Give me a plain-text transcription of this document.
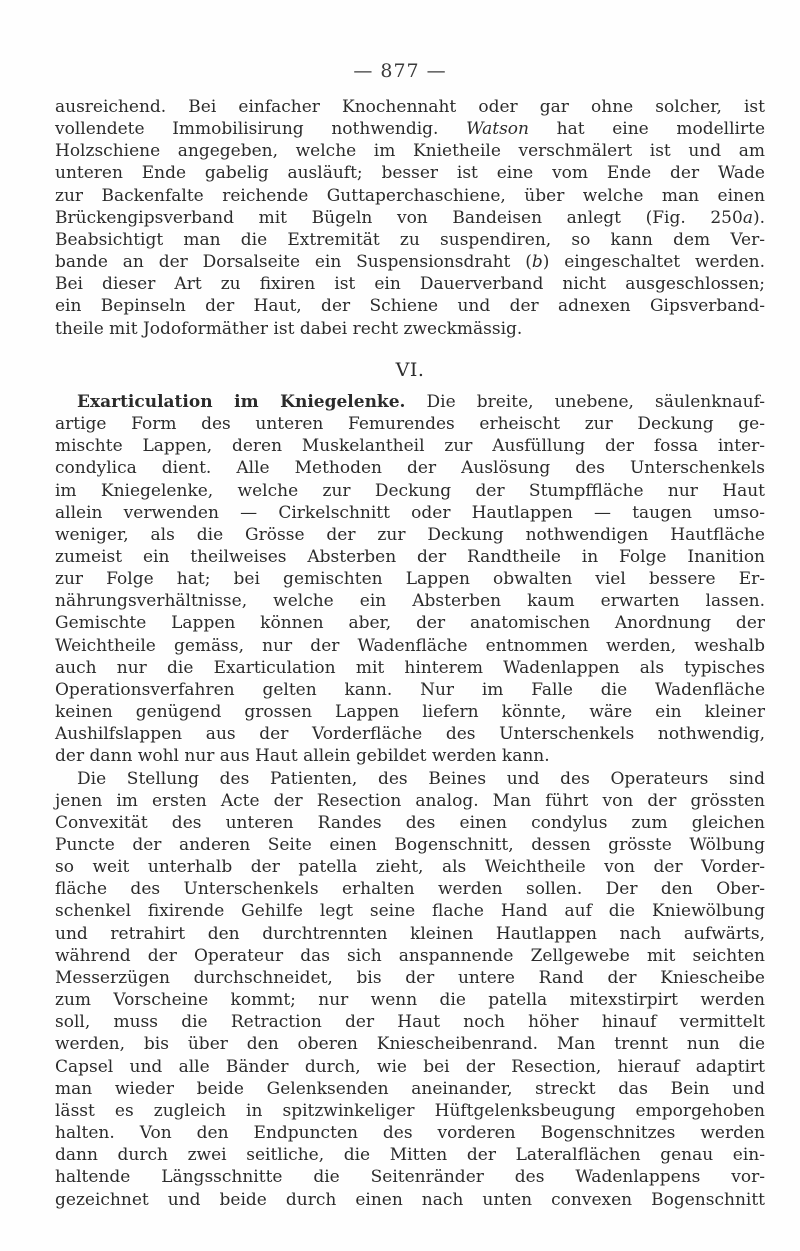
— 877 —
ausreichend. Bei einfacher Knochennaht oder gar ohne solcher, ist
vollendete Immobilisirung nothwendig. Watson hat eine modellirte
Holzschiene angegeben, welche im Knietheile verschmälert ist und am
unteren Ende gabelig ausläuft; besser ist eine vom Ende der Wade
zur Backenfalte reichende Guttaperchaschiene, über welche man einen
Brückengipsverband mit Bügeln von Bandeisen anlegt (Fig. 250a).
Beabsichtigt man die Extremität zu suspendiren, so kann dem Ver-
bande an der Dorsalseite ein Suspensionsdraht (b) eingeschaltet werden.
Bei dieser Art zu fixiren ist ein Dauerverband nicht ausgeschlossen;
ein Bepinseln der Haut, der Schiene und der adnexen Gipsverband-
theile mit Jodoformäther ist dabei recht zweckmässig.
VI.
Exarticulation im Kniegelenke. Die breite, unebene, säulenknauf-
artige Form des unteren Femurendes erheischt zur Deckung ge-
mischte Lappen, deren Muskelantheil zur Ausfüllung der fossa inter-
condylica dient. Alle Methoden der Auslösung des Unterschenkels
im Kniegelenke, welche zur Deckung der Stumpffläche nur Haut
allein verwenden — Cirkelschnitt oder Hautlappen — taugen umso-
weniger, als die Grösse der zur Deckung nothwendigen Hautfläche
zumeist ein theilweises Absterben der Randtheile in Folge Inanition
zur Folge hat; bei gemischten Lappen obwalten viel bessere Er-
nährungsverhältnisse, welche ein Absterben kaum erwarten lassen.
Gemischte Lappen können aber, der anatomischen Anordnung der
Weichtheile gemäss, nur der Wadenfläche entnommen werden, weshalb
auch nur die Exarticulation mit hinterem Wadenlappen als typisches
Operationsverfahren gelten kann. Nur im Falle die Wadenfläche
keinen genügend grossen Lappen liefern könnte, wäre ein kleiner
Aushilfslappen aus der Vorderfläche des Unterschenkels nothwendig,
der dann wohl nur aus Haut allein gebildet werden kann.
Die Stellung des Patienten, des Beines und des Operateurs sind
jenen im ersten Acte der Resection analog. Man führt von der grössten
Convexität des unteren Randes des einen condylus zum gleichen
Puncte der anderen Seite einen Bogenschnitt, dessen grösste Wölbung
so weit unterhalb der patella zieht, als Weichtheile von der Vorder-
fläche des Unterschenkels erhalten werden sollen. Der den Ober-
schenkel fixirende Gehilfe legt seine flache Hand auf die Kniewölbung
und retrahirt den durchtrennten kleinen Hautlappen nach aufwärts,
während der Operateur das sich anspannende Zellgewebe mit seichten
Messerzügen durchschneidet, bis der untere Rand der Kniescheibe
zum Vorscheine kommt; nur wenn die patella mitexstirpirt werden
soll, muss die Retraction der Haut noch höher hinauf vermittelt
werden, bis über den oberen Kniescheibenrand. Man trennt nun die
Capsel und alle Bänder durch, wie bei der Resection, hierauf adaptirt
man wieder beide Gelenksenden aneinander, streckt das Bein und
lässt es zugleich in spitzwinkeliger Hüftgelenksbeugung emporgehoben
halten. Von den Endpuncten des vorderen Bogenschnitzes werden
dann durch zwei seitliche, die Mitten der Lateralflächen genau ein-
haltende Längsschnitte die Seitenränder des Wadenlappens vor-
gezeichnet und beide durch einen nach unten convexen Bogenschnitt
